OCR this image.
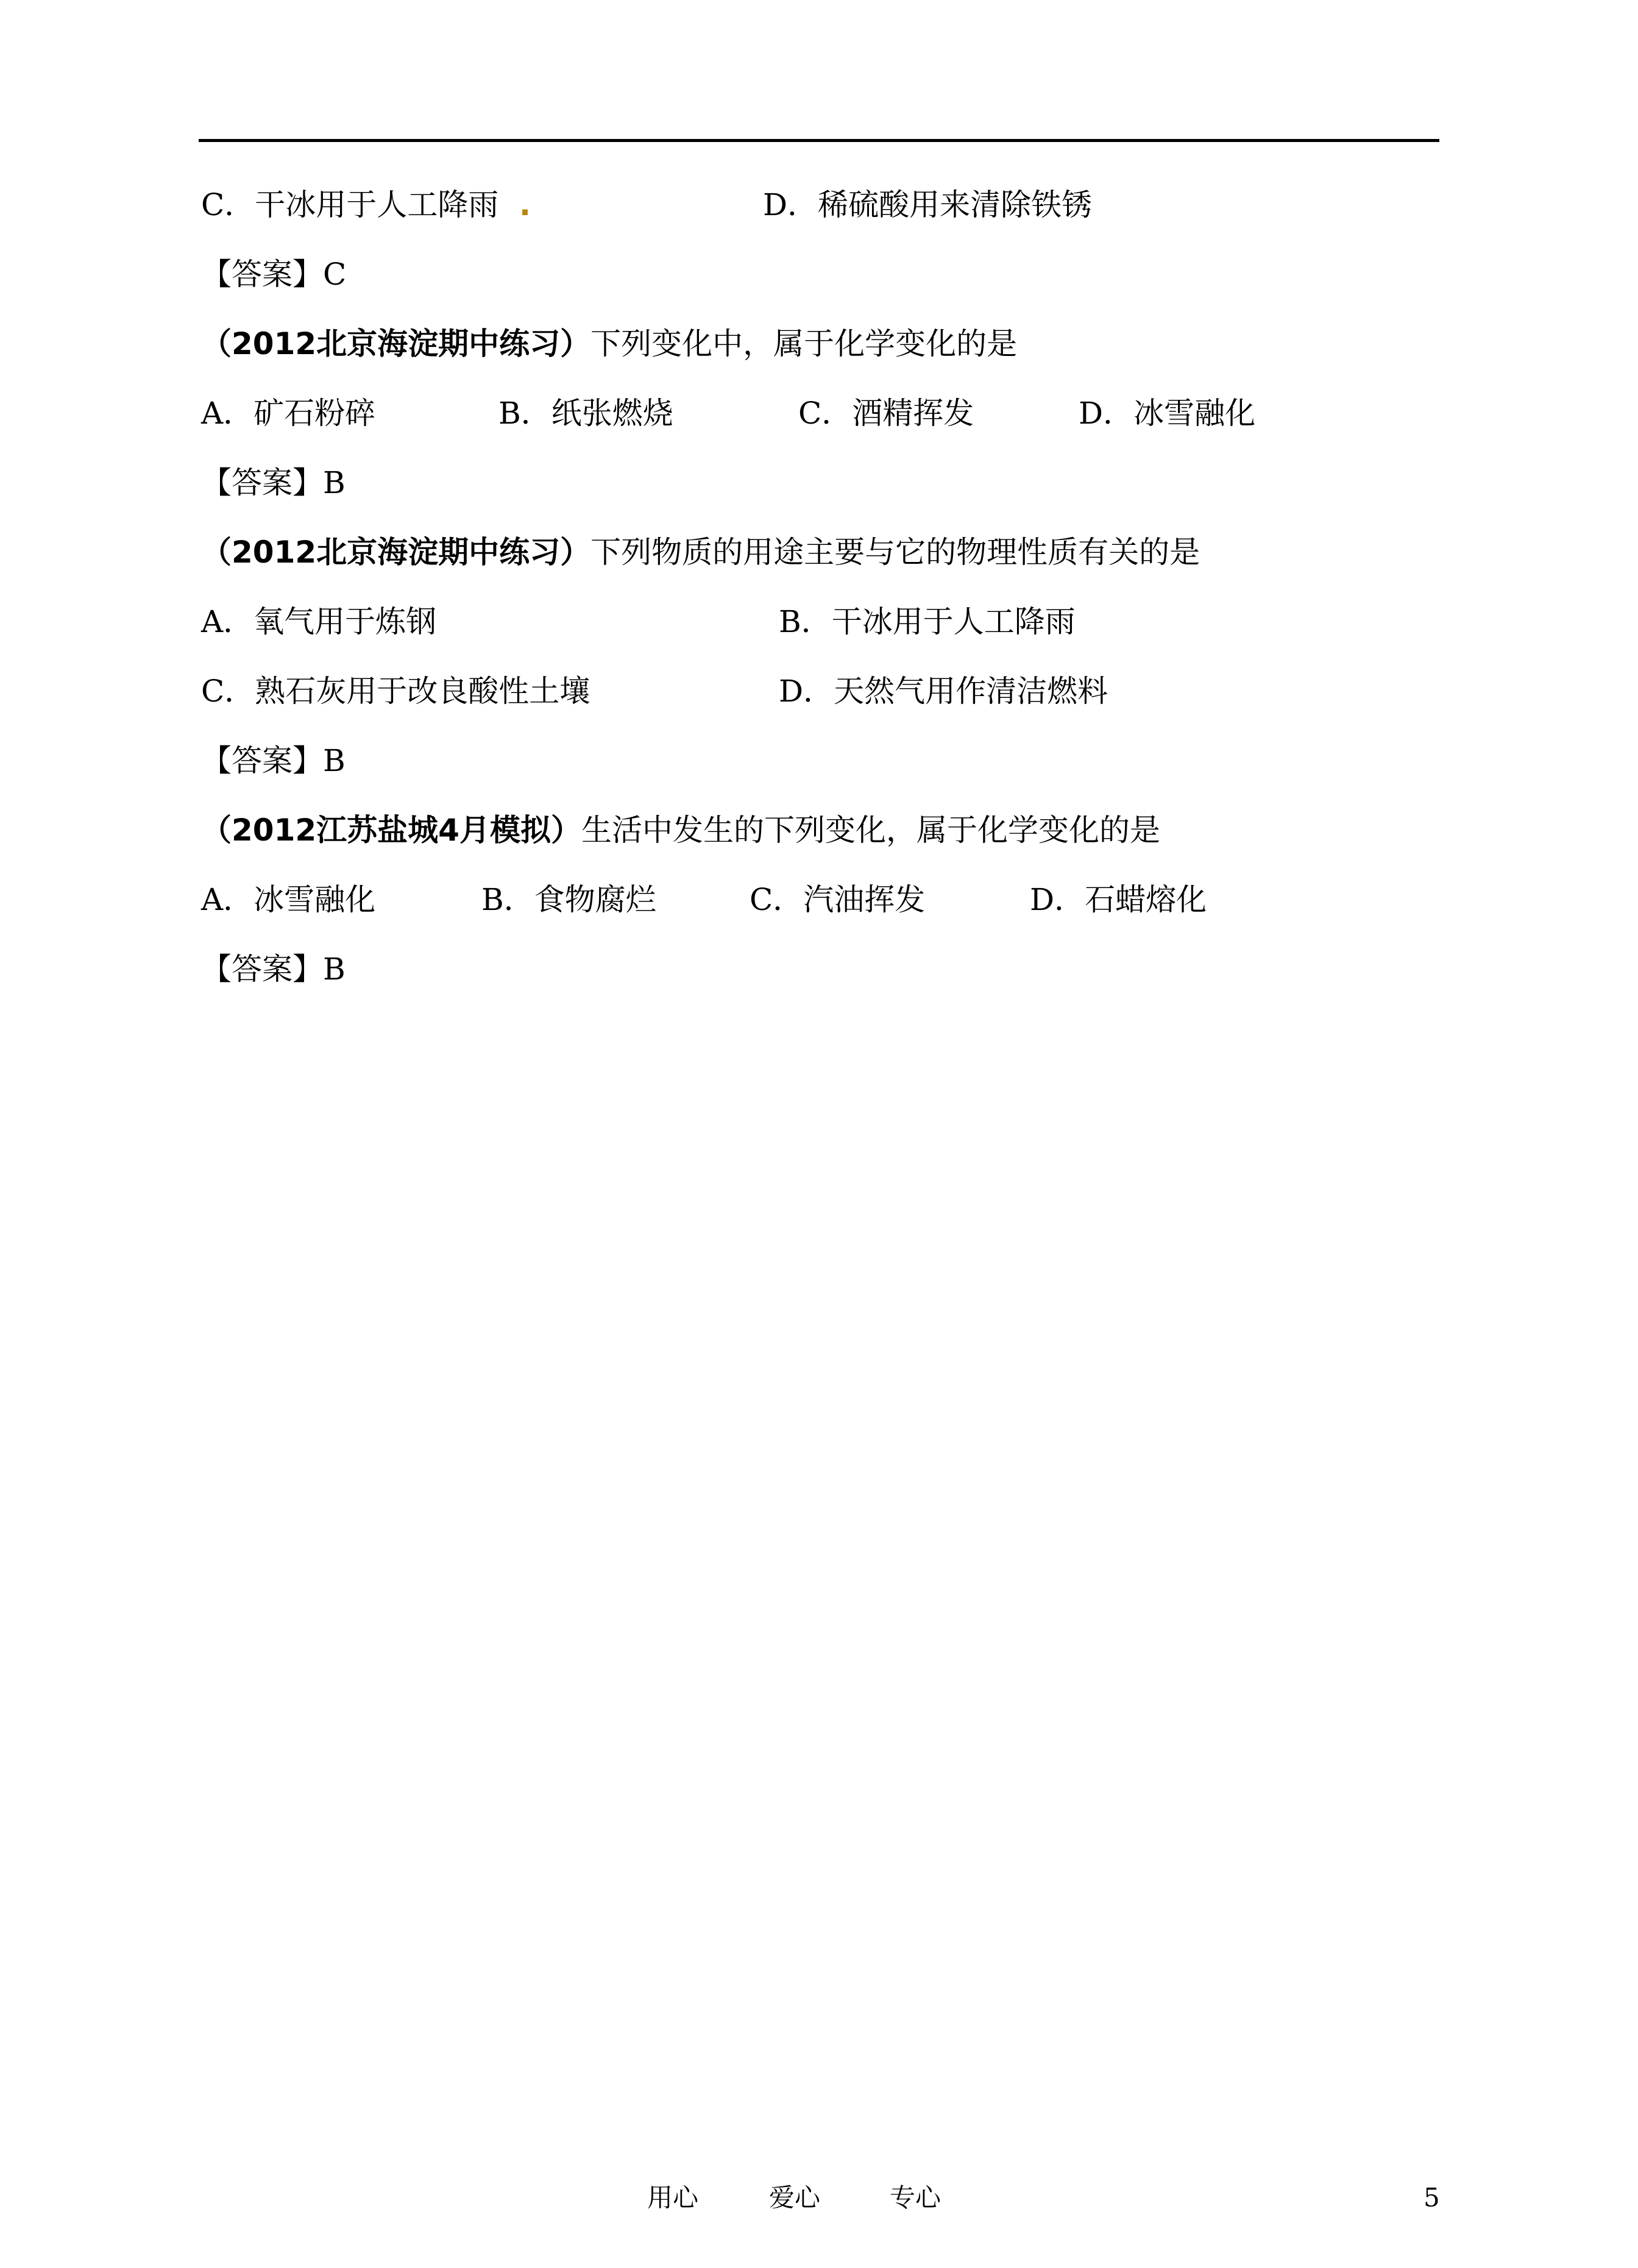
C．干冰用于人工降雨 .	D．稀硫酸用来清除铁锈
【答案】C
（2012北京海淀期中练习）下列变化中，属于化学变化的是
A．矿石粉碎	B．纸张燃烧	C．酒精挥发	D．冰雪融化
【答案】B
（2012北京海淀期中练习）下列物质的用途主要与它的物理性质有关的是
A．氧气用于炼钢	B．干冰用于人工降雨
C．熟石灰用于改良酸性土壤	D．天然气用作清洁燃料
【答案】B
（2012江苏盐城4月模拟）生活中发生的下列变化，属于化学变化的是
A．冰雪融化	B．食物腐烂	C．汽油挥发	D．石蜡熔化
【答案】B
用心	爱心	专心	5
